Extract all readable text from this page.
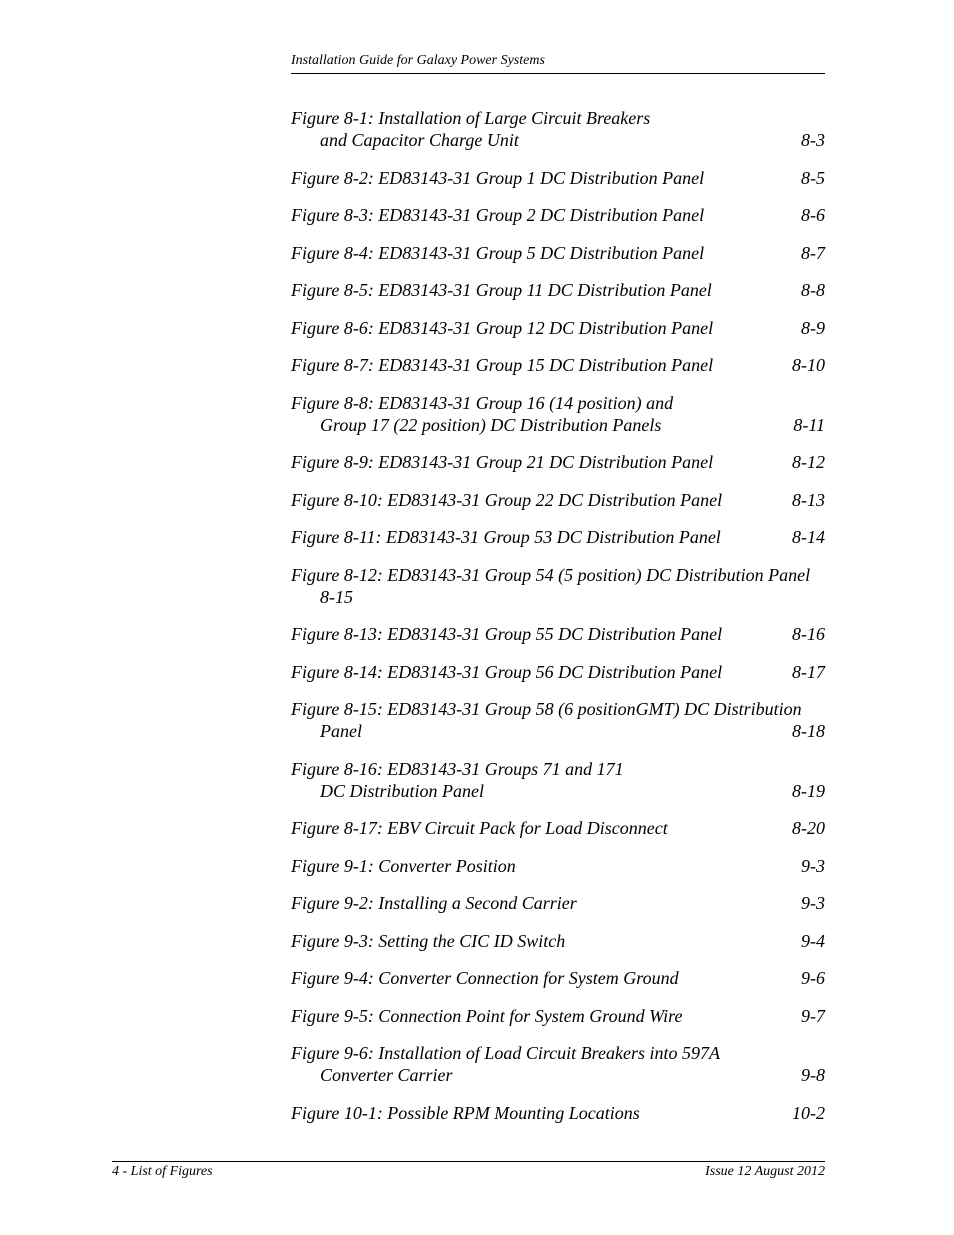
Installation Guide for Galaxy Power Systems
Figure 8-1: Installation of Large Circuit Breakers
and Capacitor Charge Unit	8-3
Figure 8-2: ED83143-31 Group 1 DC Distribution Panel	8-5
Figure 8-3: ED83143-31 Group 2 DC Distribution Panel	8-6
Figure 8-4: ED83143-31 Group 5 DC Distribution Panel	8-7
Figure 8-5: ED83143-31 Group 11 DC Distribution Panel	8-8
Figure 8-6: ED83143-31 Group 12 DC Distribution Panel	8-9
Figure 8-7: ED83143-31 Group 15 DC Distribution Panel	8-10
Figure 8-8: ED83143-31 Group 16 (14 position) and
Group 17 (22 position) DC Distribution Panels	8-11
Figure 8-9: ED83143-31 Group 21 DC Distribution Panel	8-12
Figure 8-10: ED83143-31 Group 22 DC Distribution Panel	8-13
Figure 8-11: ED83143-31 Group 53 DC Distribution Panel	8-14
Figure 8-12: ED83143-31 Group 54 (5 position) DC Distribution Panel
8-15
Figure 8-13: ED83143-31 Group 55 DC Distribution Panel	8-16
Figure 8-14: ED83143-31 Group 56 DC Distribution Panel	8-17
Figure 8-15: ED83143-31 Group 58 (6 positionGMT) DC Distribution
Panel	8-18
Figure 8-16: ED83143-31 Groups 71 and 171
DC Distribution Panel	8-19
Figure 8-17: EBV Circuit Pack for Load Disconnect	8-20
Figure 9-1: Converter Position	9-3
Figure 9-2: Installing a Second Carrier	9-3
Figure 9-3: Setting the CIC ID Switch	9-4
Figure 9-4: Converter Connection for System Ground	9-6
Figure 9-5: Connection Point for System Ground Wire	9-7
Figure 9-6: Installation of Load Circuit Breakers into 597A
Converter Carrier	9-8
Figure 10-1: Possible RPM Mounting Locations	10-2
4 - List of Figures	Issue 12 August 2012
